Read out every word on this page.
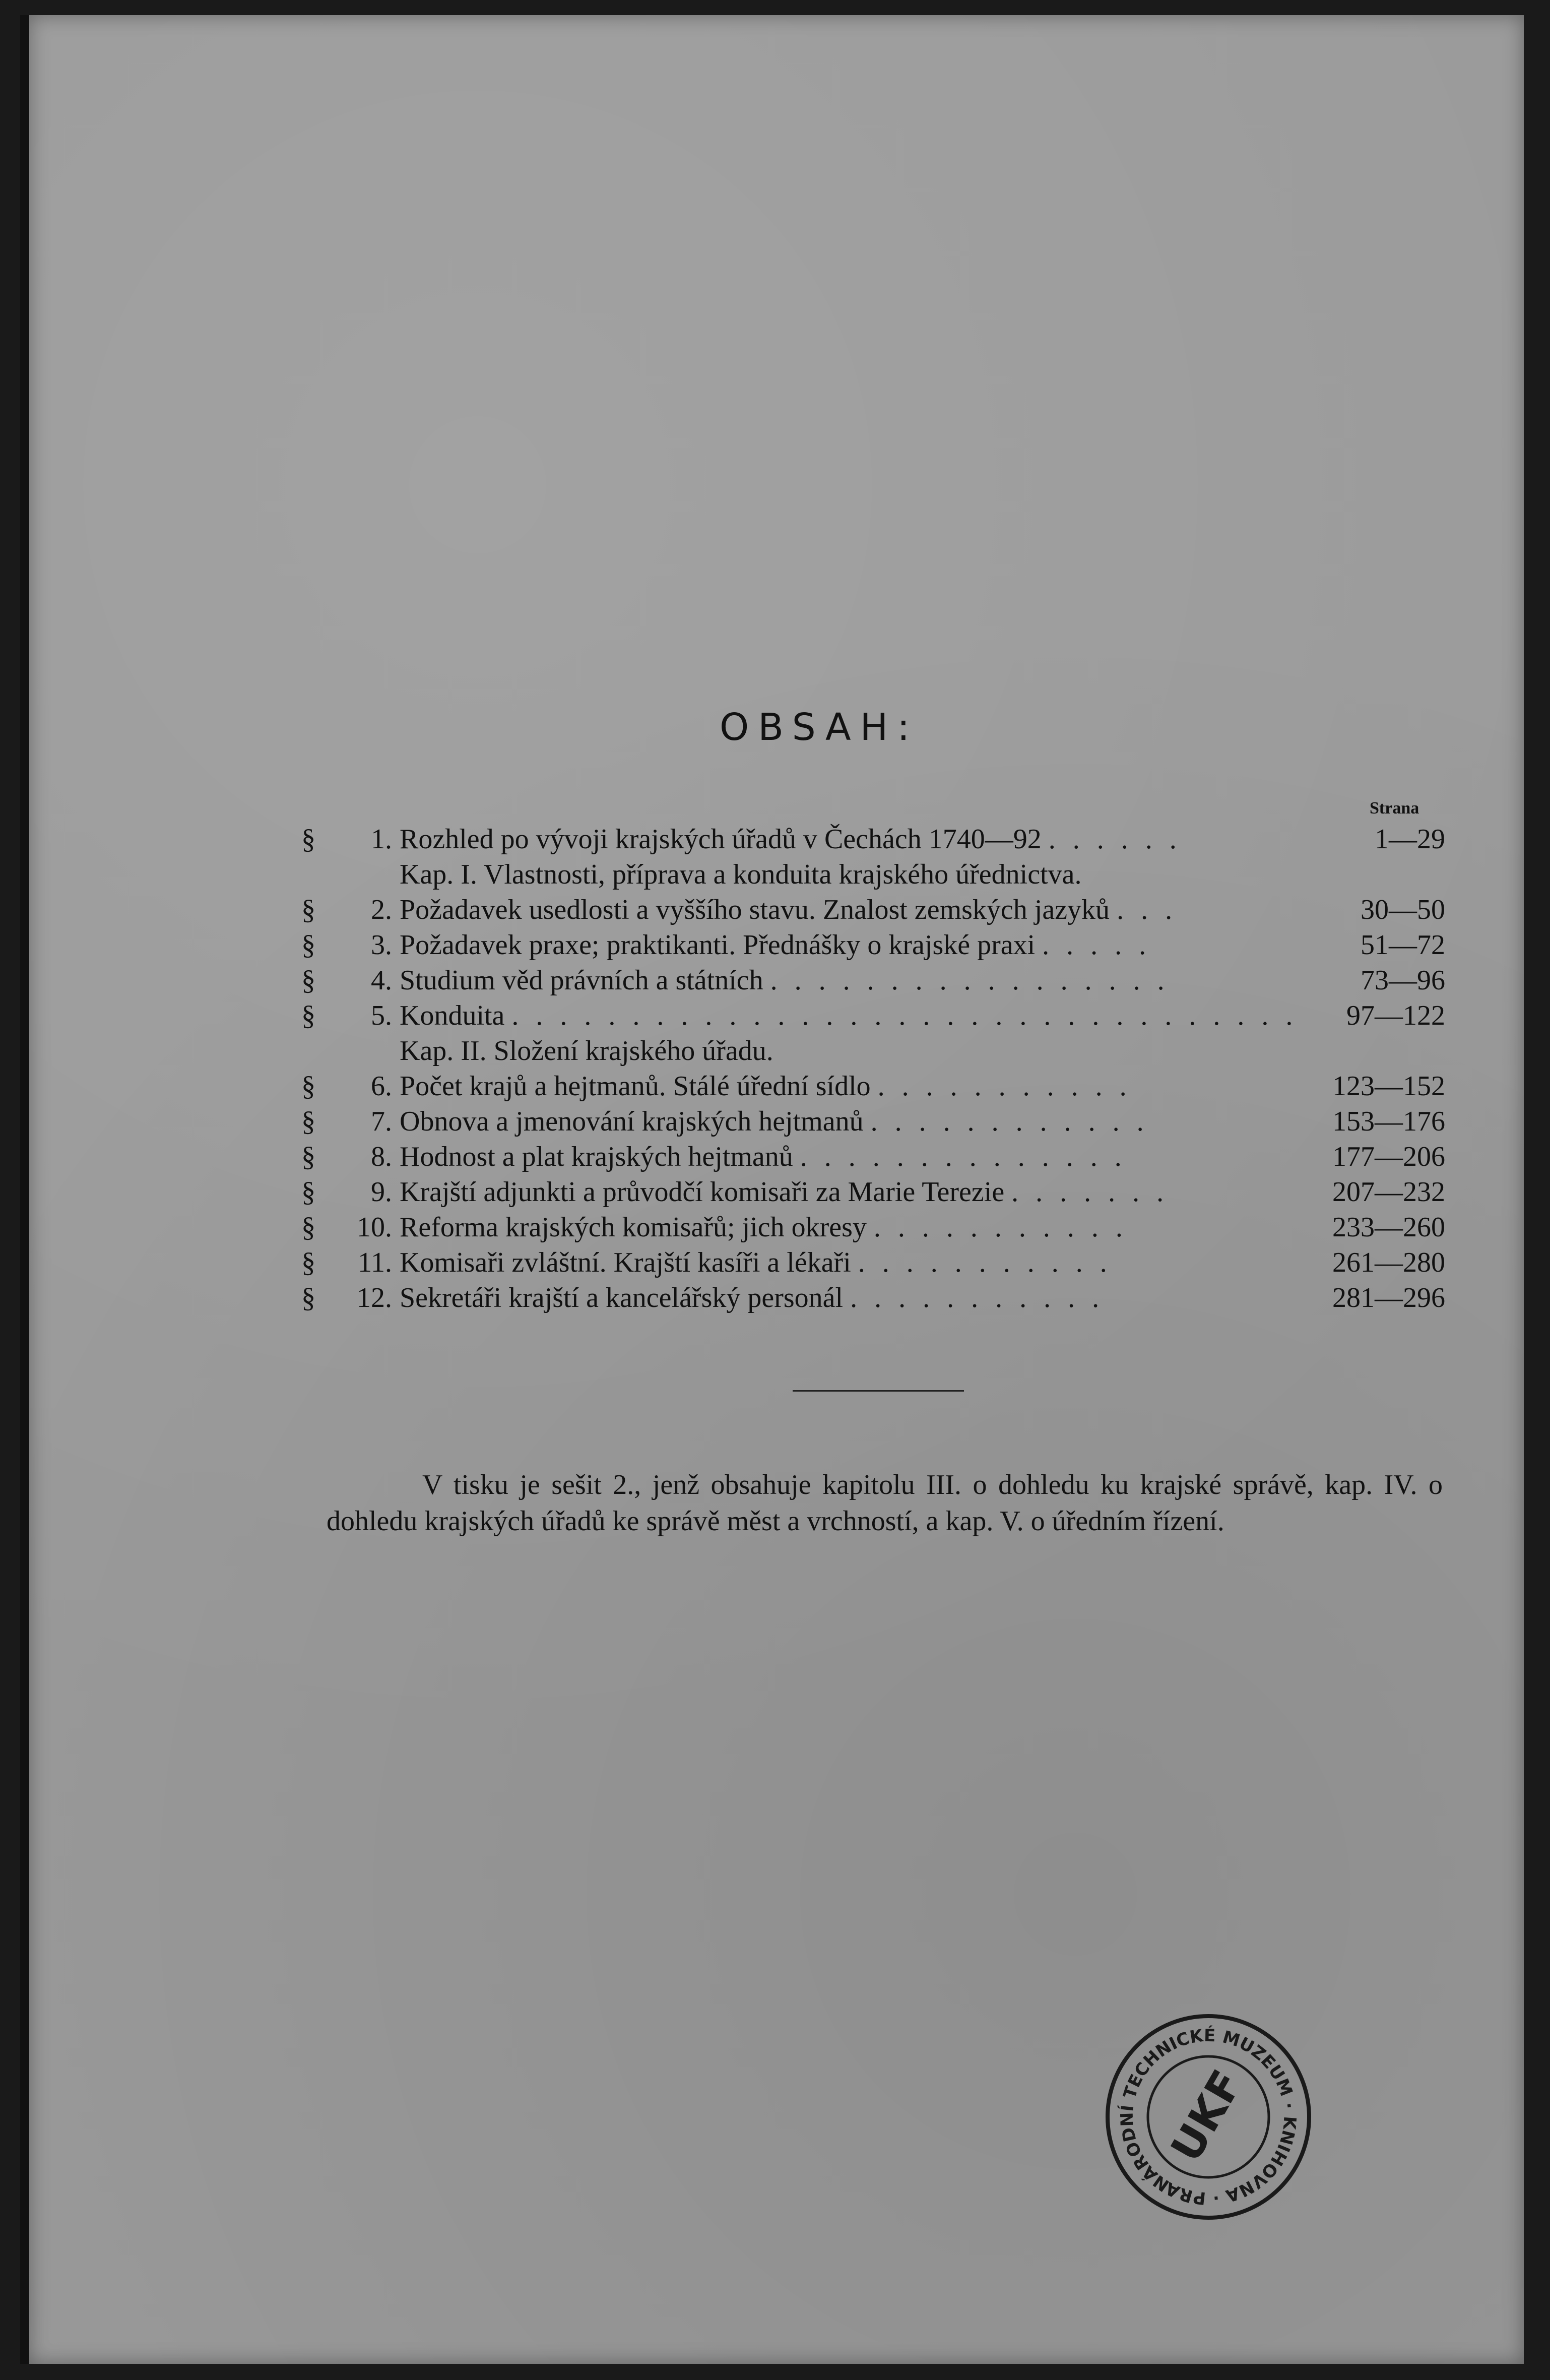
OBSAH:
Strana
§	1. Rozhled po vývoji krajských úřadů v Čechách 1740—92 . . . . . .	1—29
Kap. I. Vlastnosti, příprava a konduita krajského úřednictva.
§	2. Požadavek usedlosti a vyššího stavu. Znalost zemských jazyků . . .	30—50
§	3. Požadavek praxe; praktikanti. Přednášky o krajské praxi . . . . .	51—72
§	4. Studium věd právních a státních . . . . . . . . . . . . . . . . .	73—96
§	5. Konduita . . . . . . . . . . . . . . . . . . . . . . . . . . . . . . . . .	97—122
Kap. II. Složení krajského úřadu.
§	6. Počet krajů a hejtmanů. Stálé úřední sídlo . . . . . . . . . . .	123—152
§	7. Obnova a jmenování krajských hejtmanů . . . . . . . . . . . .	153—176
§	8. Hodnost a plat krajských hejtmanů . . . . . . . . . . . . . .	177—206
§	9. Krajští adjunkti a průvodčí komisaři za Marie Terezie . . . . . . .	207—232
§	10. Reforma krajských komisařů; jich okresy . . . . . . . . . . .	233—260
§	11. Komisaři zvláštní. Krajští kasíři a lékaři . . . . . . . . . . .	261—280
§	12. Sekretáři krajští a kancelářský personál . . . . . . . . . . .	281—296
V tisku je sešit 2., jenž obsahuje kapitolu III. o dohledu ku krajské správě, kap. IV. o dohledu krajských úřadů ke správě měst a vrchností, a kap. V. o úředním řízení.
NÁRODNÍ TECHNICKÉ MUZEUM · KNIHOVNA · PRAHA	UKF
